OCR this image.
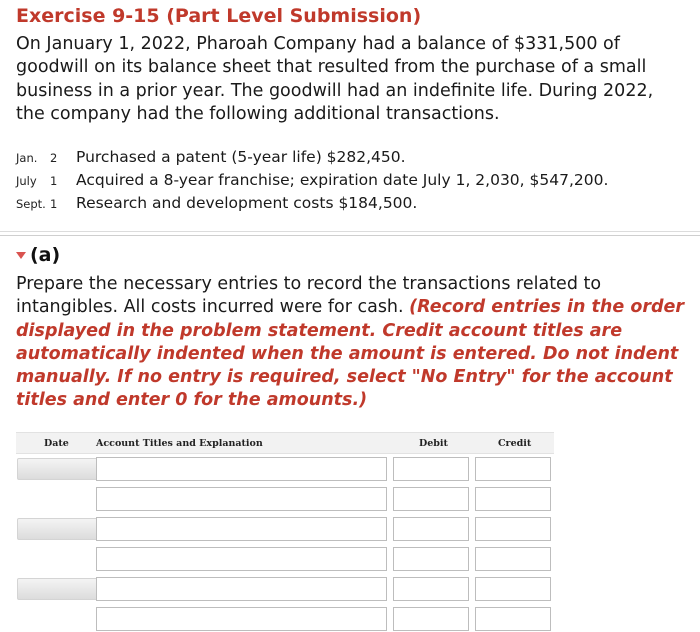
Exercise 9-15 (Part Level Submission)
On January 1, 2022, Pharoah Company had a balance of $331,500 of goodwill on its balance sheet that resulted from the purchase of a small business in a prior year. The goodwill had an indefinite life. During 2022, the company had the following additional transactions.
Jan. 2	Purchased a patent (5-year life) $282,450.
July 1	Acquired a 8-year franchise; expiration date July 1, 2,030, $547,200.
Sept. 1	Research and development costs $184,500.
(a)
Prepare the necessary entries to record the transactions related to intangibles. All costs incurred were for cash. (Record entries in the order displayed in the problem statement. Credit account titles are automatically indented when the amount is entered. Do not indent manually. If no entry is required, select "No Entry" for the account titles and enter 0 for the amounts.)
Date	Account Titles and Explanation	Debit	Credit
